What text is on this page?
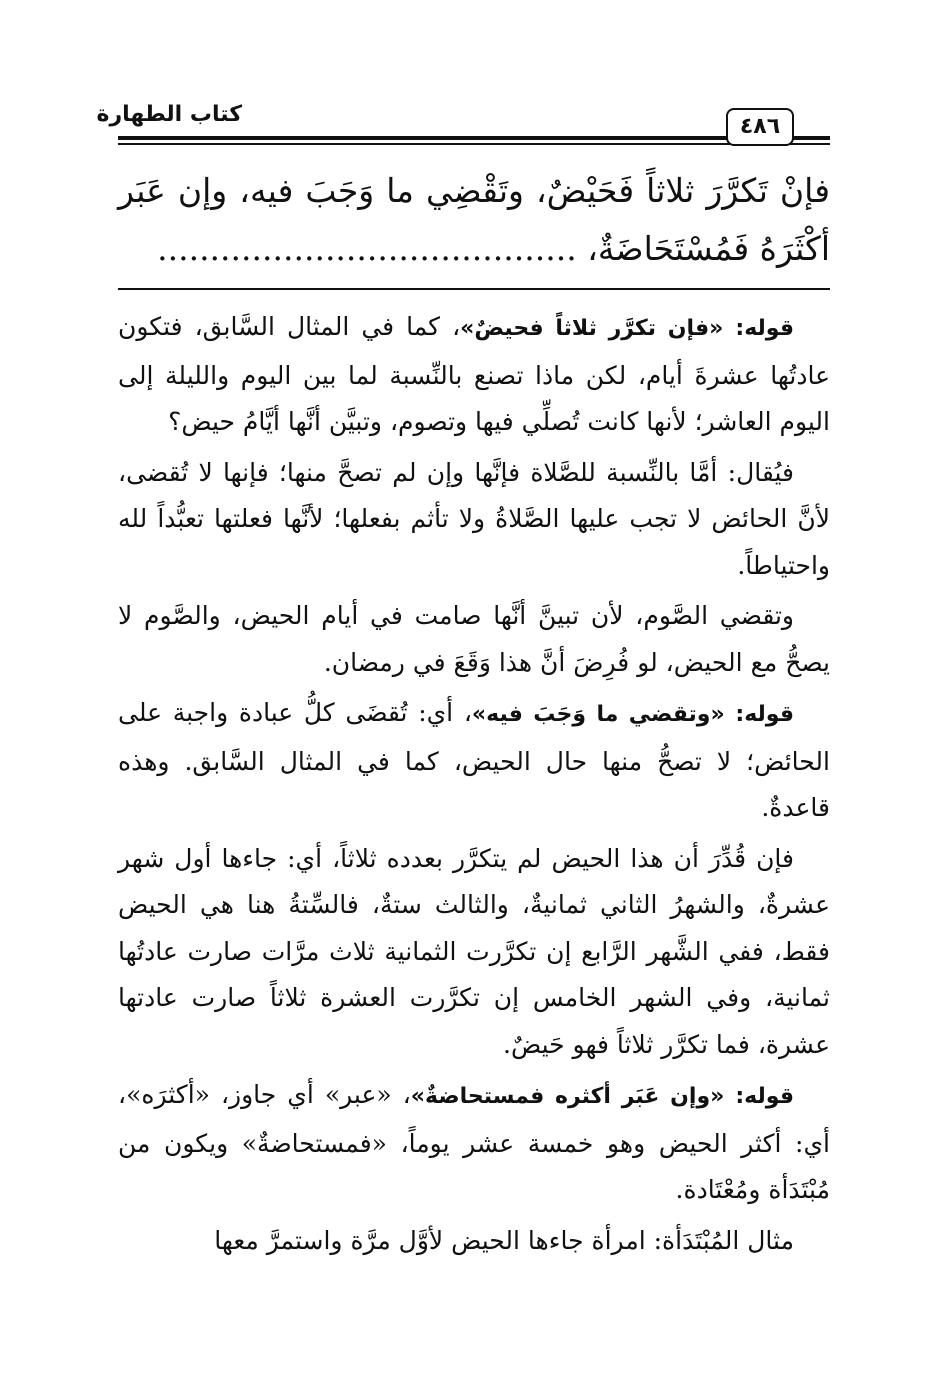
كتاب الطهارة	٤٨٦

فإنْ تَكرَّرَ ثلاثاً فَحَيْضٌ، وتَقْضِي ما وَجَبَ فيه، وإن عَبَر

أكْثَرَهُ فَمُسْتَحَاضَةٌ، ........................................

قوله: «فإن تكرَّر ثلاثاً فحيضٌ»، كما في المثال السَّابق، فتكون عادتُها عشرةَ أيام، لكن ماذا تصنع بالنِّسبة لما بين اليوم والليلة إلى اليوم العاشر؛ لأنها كانت تُصلِّي فيها وتصوم، وتبيَّن أنَّها أيَّامُ حيض؟

فيُقال: أمَّا بالنِّسبة للصَّلاة فإنَّها وإن لم تصحَّ منها؛ فإنها لا تُقضى، لأنَّ الحائض لا تجب عليها الصَّلاةُ ولا تأثم بفعلها؛ لأنَّها فعلتها تعبُّداً لله واحتياطاً.

وتقضي الصَّوم، لأن تبينَّ أنَّها صامت في أيام الحيض، والصَّوم لا يصحُّ مع الحيض، لو فُرِضَ أنَّ هذا وَقَعَ في رمضان.

قوله: «وتقضي ما وَجَبَ فيه»، أي: تُقضَى كلُّ عبادة واجبة على الحائض؛ لا تصحُّ منها حال الحيض، كما في المثال السَّابق. وهذه قاعدةٌ.

فإن قُدِّرَ أن هذا الحيض لم يتكرَّر بعدده ثلاثاً، أي: جاءها أول شهر عشرةٌ، والشهرُ الثاني ثمانيةٌ، والثالث ستةٌ، فالسِّتةُ هنا هي الحيض فقط، ففي الشَّهر الرَّابع إن تكرَّرت الثمانية ثلاث مرَّات صارت عادتُها ثمانية، وفي الشهر الخامس إن تكرَّرت العشرة ثلاثاً صارت عادتها عشرة، فما تكرَّر ثلاثاً فهو حَيضٌ.

قوله: «وإن عَبَر أكثره فمستحاضةٌ»، «عبر» أي جاوز، «أكثرَه»، أي: أكثر الحيض وهو خمسة عشر يوماً، «فمستحاضةٌ» ويكون من مُبْتَدَأة ومُعْتَادة.

مثال المُبْتَدَأة: امرأة جاءها الحيض لأوَّل مرَّة واستمرَّ معها
